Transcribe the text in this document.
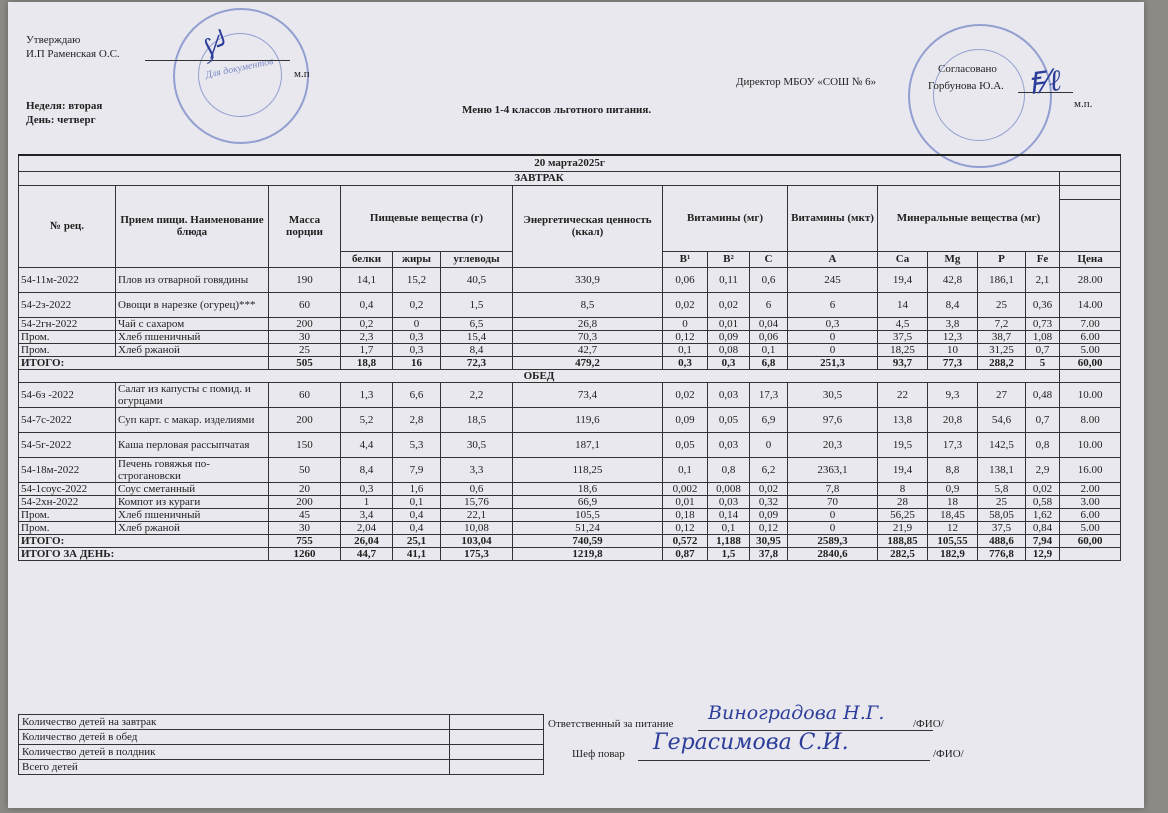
Для документов
Утверждаю
И.П Раменская О.С.
м.п
⟆⁄╯
Директор МБОУ «СОШ № 6»
Согласовано
Горбунова Ю.А.
м.п.
Ꞙ⁄ℓ
Неделя: вторая
День: четверг
Меню 1-4 классов льготного питания.
20 марта2025г															
ЗАВТРАК															
№ рец.	Прием пищи. Наименование блюда	Масса порции	Пищевые вещества (г)			Энергетическая ценность (ккал)	Витамины (мг)			Витамины (мкт)	Минеральные вещества (мг)				

			белки	жиры	углеводы		B¹	B²	C	A	Ca	Mg	P	Fe	Цена
54-11м-2022	Плов из отварной говядины	190	14,1	15,2	40,5	330,9	0,06	0,11	0,6	245	19,4	42,8	186,1	2,1	28.00
54-2з-2022	Овощи в нарезке (огурец)***	60	0,4	0,2	1,5	8,5	0,02	0,02	6	6	14	8,4	25	0,36	14.00
54-2гн-2022	Чай с сахаром	200	0,2	0	6,5	26,8	0	0,01	0,04	0,3	4,5	3,8	7,2	0,73	7.00
Пром.	Хлеб пшеничный	30	2,3	0,3	15,4	70,3	0,12	0,09	0,06	0	37,5	12,3	38,7	1,08	6.00
Пром.	Хлеб ржаной	25	1,7	0,3	8,4	42,7	0,1	0,08	0,1	0	18,25	10	31,25	0,7	5.00
ИТОГО:		505	18,8	16	72,3	479,2	0,3	0,3	6,8	251,3	93,7	77,3	288,2	5	60,00
ОБЕД															
54-6з -2022	Салат из капусты с помид. и огурцами	60	1,3	6,6	2,2	73,4	0,02	0,03	17,3	30,5	22	9,3	27	0,48	10.00
54-7с-2022	Суп карт. с макар. изделиями	200	5,2	2,8	18,5	119,6	0,09	0,05	6,9	97,6	13,8	20,8	54,6	0,7	8.00
54-5г-2022	Каша перловая рассыпчатая	150	4,4	5,3	30,5	187,1	0,05	0,03	0	20,3	19,5	17,3	142,5	0,8	10.00
54-18м-2022	Печень говяжья по-строгановски	50	8,4	7,9	3,3	118,25	0,1	0,8	6,2	2363,1	19,4	8,8	138,1	2,9	16.00
54-1соус-2022	Соус сметанный	20	0,3	1,6	0,6	18,6	0,002	0,008	0,02	7,8	8	0,9	5,8	0,02	2.00
54-2хн-2022	Компот из кураги	200	1	0,1	15,76	66,9	0,01	0,03	0,32	70	28	18	25	0,58	3.00
Пром.	Хлеб пшеничный	45	3,4	0,4	22,1	105,5	0,18	0,14	0,09	0	56,25	18,45	58,05	1,62	6.00
Пром.	Хлеб ржаной	30	2,04	0,4	10,08	51,24	0,12	0,1	0,12	0	21,9	12	37,5	0,84	5.00
ИТОГО:		755	26,04	25,1	103,04	740,59	0,572	1,188	30,95	2589,3	188,85	105,55	488,6	7,94	60,00
ИТОГО ЗА ДЕНЬ:		1260	44,7	41,1	175,3	1219,8	0,87	1,5	37,8	2840,6	282,5	182,9	776,8	12,9	
Количество детей на завтрак	
Количество детей в обед	
Количество детей в полдник	
Всего детей	
Ответственный за питание Виноградова Н.Г.	/ФИО/
Шеф повар Герасимова С.И.	/ФИО/
